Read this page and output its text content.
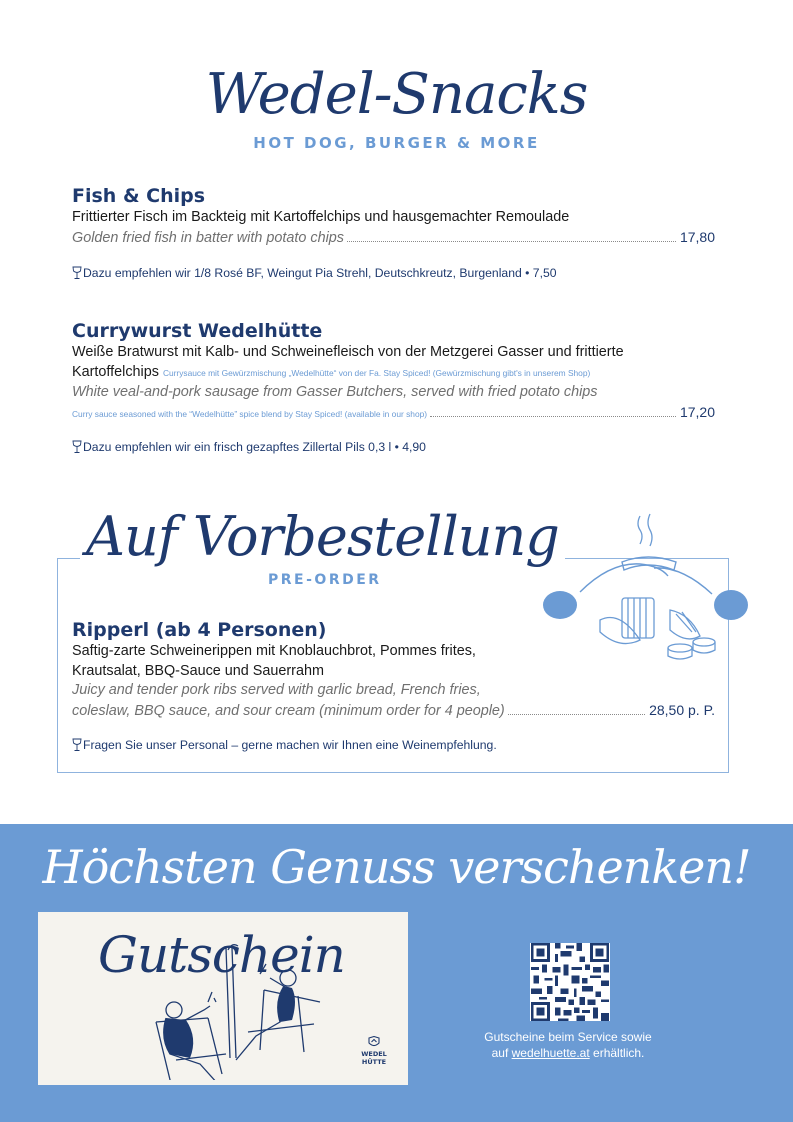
Wedel-Snacks
HOT DOG, BURGER & MORE
Fish & Chips
Frittierter Fisch im Backteig mit Kartoffelchips und hausgemachter Remoulade
Golden fried fish in batter with potato chips	17,80
Dazu empfehlen wir 1/8 Rosé BF, Weingut Pia Strehl, Deutschkreutz, Burgenland • 7,50
Currywurst Wedelhütte
Weiße Bratwurst mit Kalb- und Schweinefleisch von der Metzgerei Gasser und frittierte
Kartoffelchips Currysauce mit Gewürzmischung „Wedelhütte“ von der Fa. Stay Spiced! (Gewürzmischung gibt's in unserem Shop)
White veal-and-pork sausage from Gasser Butchers, served with fried potato chips
Curry sauce seasoned with the “Wedelhütte” spice blend by Stay Spiced! (available in our shop)	17,20
Dazu empfehlen wir ein frisch gezapftes Zillertal Pils 0,3 l • 4,90
Auf Vorbestellung
PRE-ORDER
Ripperl (ab 4 Personen)
Saftig-zarte Schweinerippen mit Knoblauchbrot, Pommes frites,
Krautsalat, BBQ-Sauce und Sauerrahm
Juicy and tender pork ribs served with garlic bread, French fries,
coleslaw, BBQ sauce, and sour cream (minimum order for 4 people)	28,50 p. P.
Fragen Sie unser Personal – gerne machen wir Ihnen eine Weinempfehlung.
Höchsten Genuss verschenken!
Gutschein
WEDEL
HÜTTE
Gutscheine beim Service sowie
auf wedelhuette.at erhältlich.
